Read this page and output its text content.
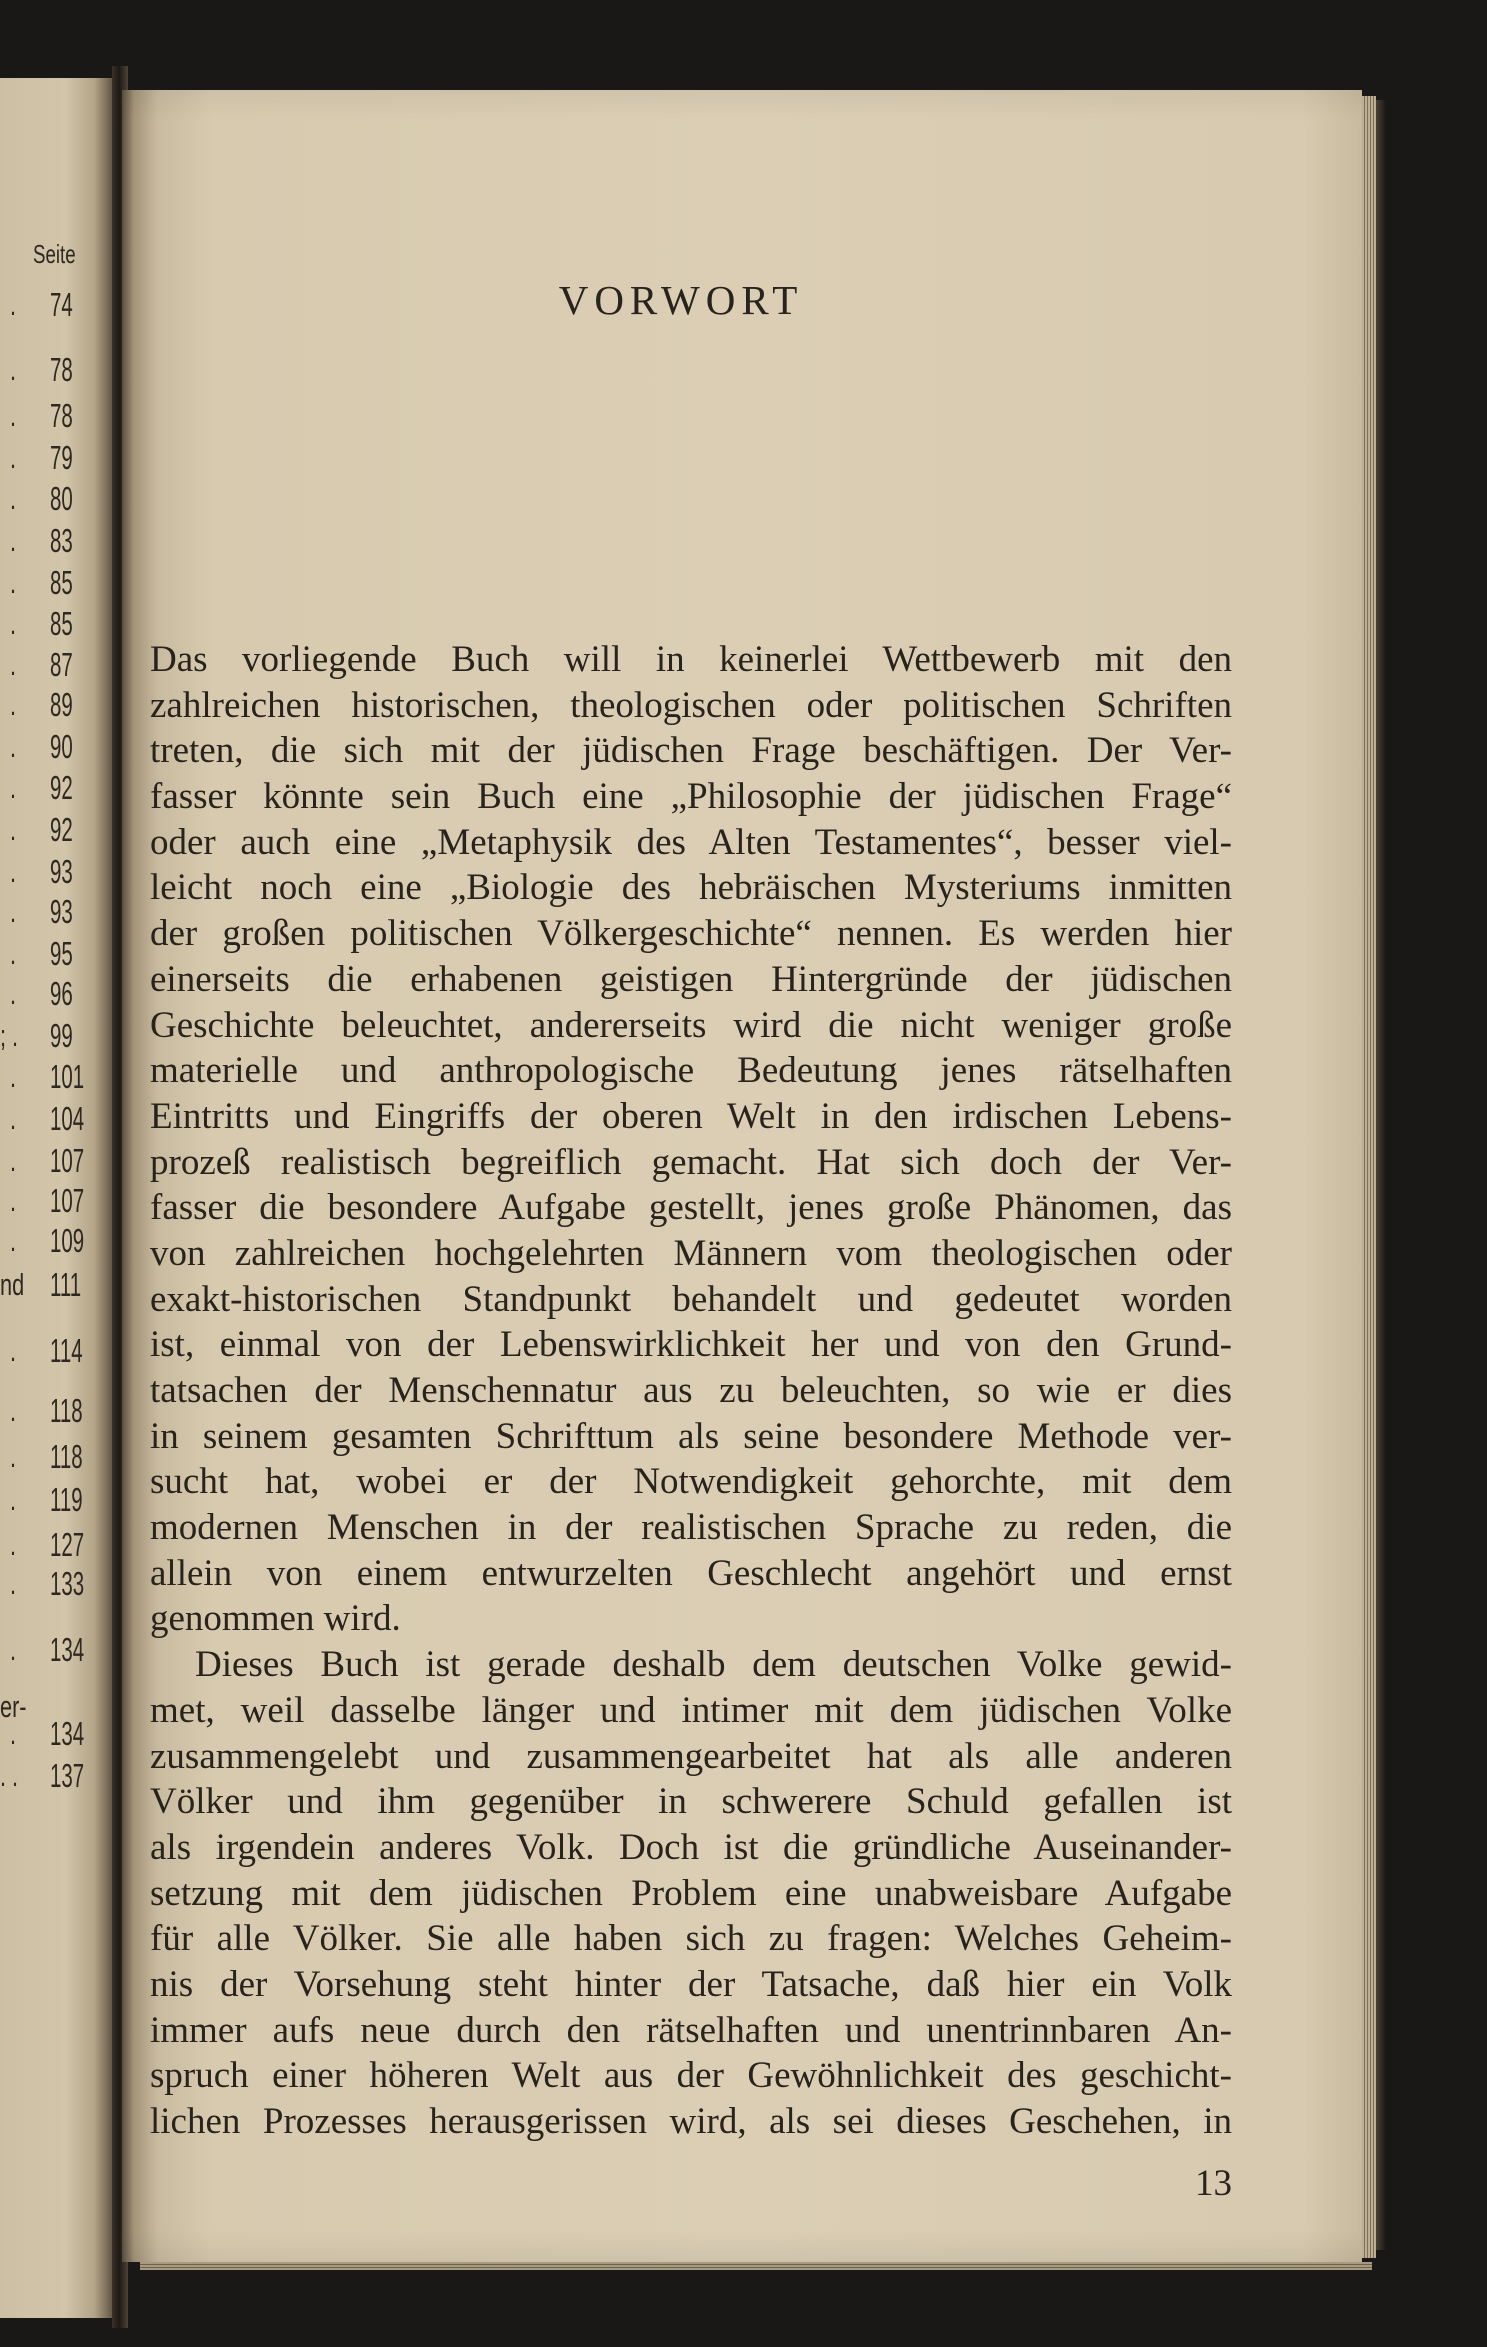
Seite
. 74
. 78
. 78
. 79
. 80
. 83
. 85
. 85
. 87
. 89
. 90
. 92
. 92
. 93
. 93
. 95
. 96
; . 99
. 101
. 104
. 107
. 107
. 109
nd 111
. 114
. 118
. 118
. 119
. 127
. 133
. 134
er-
. 134
. . 137
VORWORT
Das vorliegende Buch will in keinerlei Wettbewerb mit den
zahlreichen historischen, theologischen oder politischen Schriften
treten, die sich mit der jüdischen Frage beschäftigen. Der Ver-
fasser könnte sein Buch eine „Philosophie der jüdischen Frage“
oder auch eine „Metaphysik des Alten Testamentes“, besser viel-
leicht noch eine „Biologie des hebräischen Mysteriums inmitten
der großen politischen Völkergeschichte“ nennen. Es werden hier
einerseits die erhabenen geistigen Hintergründe der jüdischen
Geschichte beleuchtet, andererseits wird die nicht weniger große
materielle und anthropologische Bedeutung jenes rätselhaften
Eintritts und Eingriffs der oberen Welt in den irdischen Lebens-
prozeß realistisch begreiflich gemacht. Hat sich doch der Ver-
fasser die besondere Aufgabe gestellt, jenes große Phänomen, das
von zahlreichen hochgelehrten Männern vom theologischen oder
exakt-historischen Standpunkt behandelt und gedeutet worden
ist, einmal von der Lebenswirklichkeit her und von den Grund-
tatsachen der Menschennatur aus zu beleuchten, so wie er dies
in seinem gesamten Schrifttum als seine besondere Methode ver-
sucht hat, wobei er der Notwendigkeit gehorchte, mit dem
modernen Menschen in der realistischen Sprache zu reden, die
allein von einem entwurzelten Geschlecht angehört und ernst
genommen wird.
Dieses Buch ist gerade deshalb dem deutschen Volke gewid-
met, weil dasselbe länger und intimer mit dem jüdischen Volke
zusammengelebt und zusammengearbeitet hat als alle anderen
Völker und ihm gegenüber in schwerere Schuld gefallen ist
als irgendein anderes Volk. Doch ist die gründliche Auseinander-
setzung mit dem jüdischen Problem eine unabweisbare Aufgabe
für alle Völker. Sie alle haben sich zu fragen: Welches Geheim-
nis der Vorsehung steht hinter der Tatsache, daß hier ein Volk
immer aufs neue durch den rätselhaften und unentrinnbaren An-
spruch einer höheren Welt aus der Gewöhnlichkeit des geschicht-
lichen Prozesses herausgerissen wird, als sei dieses Geschehen, in
13
